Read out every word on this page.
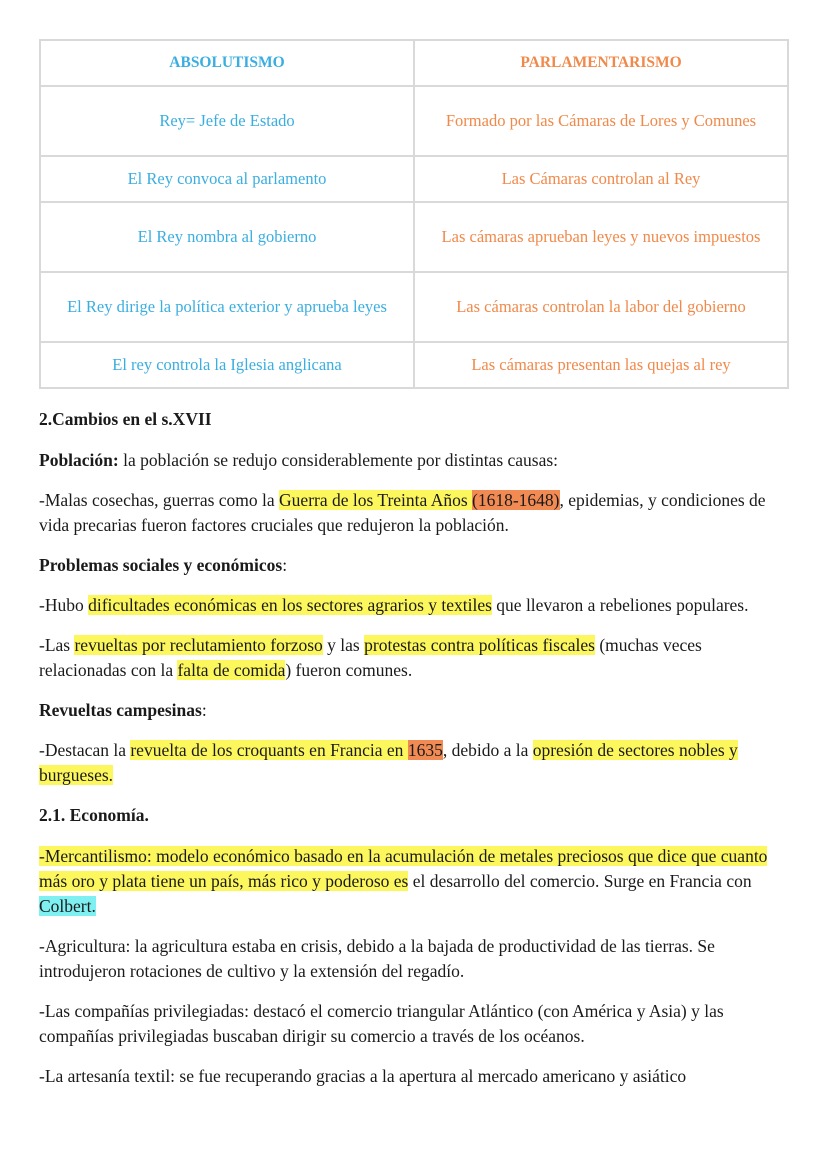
ABSOLUTISMO	PARLAMENTARISMO
Rey= Jefe de Estado	Formado por las Cámaras de Lores y Comunes
El Rey convoca al parlamento	Las Cámaras controlan al Rey
El Rey nombra al gobierno	Las cámaras aprueban leyes y nuevos impuestos
El Rey dirige la política exterior y aprueba leyes	Las cámaras controlan la labor del gobierno
El rey controla la Iglesia anglicana	Las cámaras presentan las quejas al rey

2.Cambios en el s.XVII

Población: la población se redujo considerablemente por distintas causas:

-Malas cosechas, guerras como la Guerra de los Treinta Años (1618-1648), epidemias, y condiciones de vida precarias fueron factores cruciales que redujeron la población.

Problemas sociales y económicos:

-Hubo dificultades económicas en los sectores agrarios y textiles que llevaron a rebeliones populares.

-Las revueltas por reclutamiento forzoso y las protestas contra políticas fiscales (muchas veces relacionadas con la falta de comida) fueron comunes.

Revueltas campesinas:

-Destacan la revuelta de los croquants en Francia en 1635, debido a la opresión de sectores nobles y burgueses.

2.1. Economía.

-Mercantilismo: modelo económico basado en la acumulación de metales preciosos que dice que cuanto más oro y plata tiene un país, más rico y poderoso es el desarrollo del comercio. Surge en Francia con Colbert.

-Agricultura: la agricultura estaba en crisis, debido a la bajada de productividad de las tierras. Se introdujeron rotaciones de cultivo y la extensión del regadío.

-Las compañías privilegiadas: destacó el comercio triangular Atlántico (con América y Asia) y las compañías privilegiadas buscaban dirigir su comercio a través de los océanos.

-La artesanía textil: se fue recuperando gracias a la apertura al mercado americano y asiático
